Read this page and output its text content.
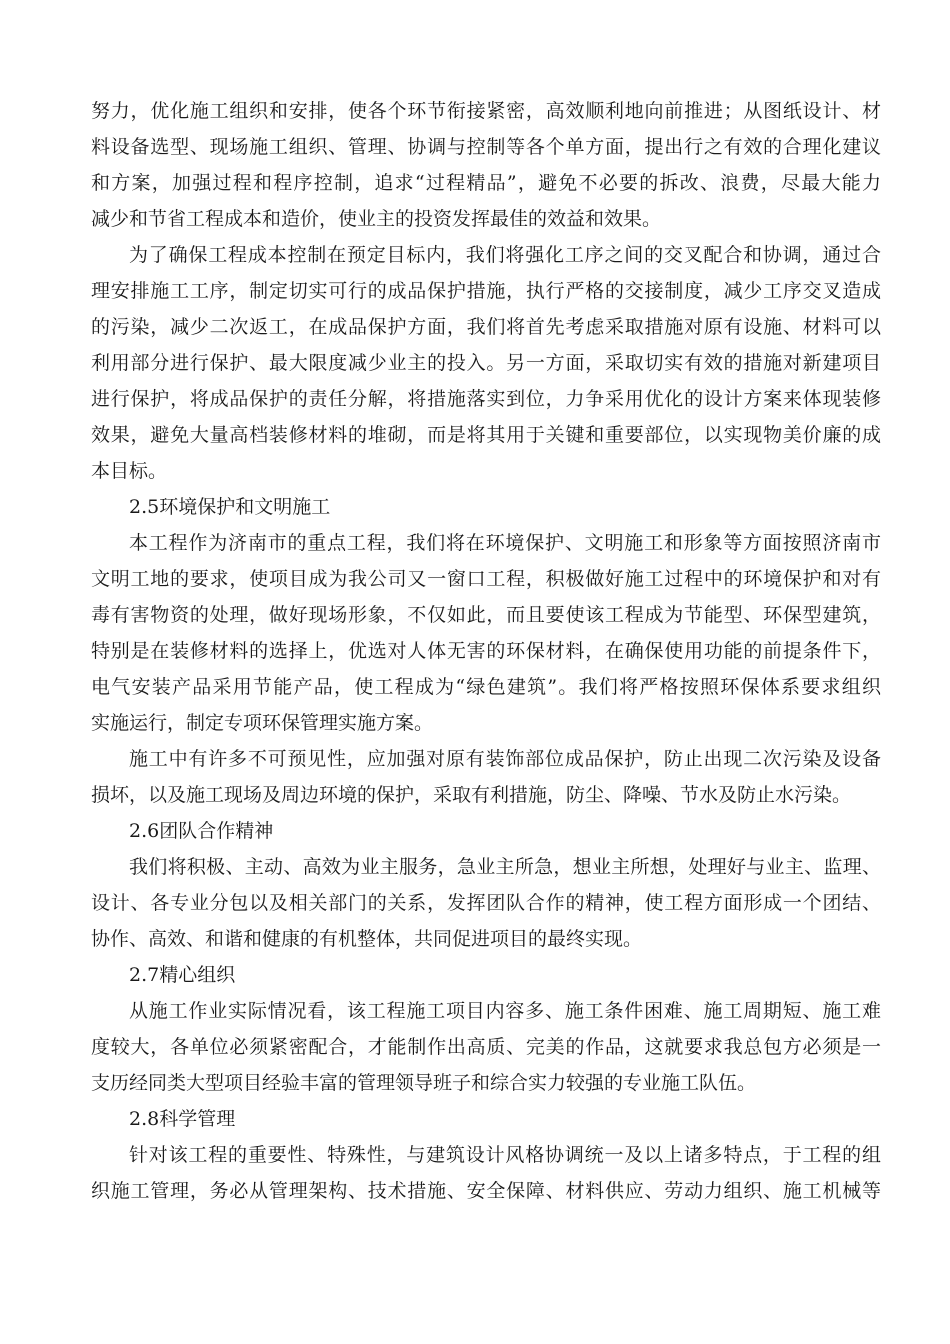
努力，优化施工组织和安排，使各个环节衔接紧密，高效顺利地向前推进；从图纸设计、材
料设备选型、现场施工组织、管理、协调与控制等各个单方面，提出行之有效的合理化建议
和方案，加强过程和程序控制，追求“过程精品”，避免不必要的拆改、浪费，尽最大能力
减少和节省工程成本和造价，使业主的投资发挥最佳的效益和效果。
为了确保工程成本控制在预定目标内，我们将强化工序之间的交叉配合和协调，通过合
理安排施工工序，制定切实可行的成品保护措施，执行严格的交接制度，减少工序交叉造成
的污染，减少二次返工，在成品保护方面，我们将首先考虑采取措施对原有设施、材料可以
利用部分进行保护、最大限度减少业主的投入。另一方面，采取切实有效的措施对新建项目
进行保护，将成品保护的责任分解，将措施落实到位，力争采用优化的设计方案来体现装修
效果，避免大量高档装修材料的堆砌，而是将其用于关键和重要部位，以实现物美价廉的成
本目标。
2.5环境保护和文明施工
本工程作为济南市的重点工程，我们将在环境保护、文明施工和形象等方面按照济南市
文明工地的要求，使项目成为我公司又一窗口工程，积极做好施工过程中的环境保护和对有
毒有害物资的处理，做好现场形象，不仅如此，而且要使该工程成为节能型、环保型建筑，
特别是在装修材料的选择上，优选对人体无害的环保材料，在确保使用功能的前提条件下，
电气安装产品采用节能产品，使工程成为“绿色建筑”。我们将严格按照环保体系要求组织
实施运行，制定专项环保管理实施方案。
施工中有许多不可预见性，应加强对原有装饰部位成品保护，防止出现二次污染及设备
损坏，以及施工现场及周边环境的保护，采取有利措施，防尘、降噪、节水及防止水污染。
2.6团队合作精神
我们将积极、主动、高效为业主服务，急业主所急，想业主所想，处理好与业主、监理、
设计、各专业分包以及相关部门的关系，发挥团队合作的精神，使工程方面形成一个团结、
协作、高效、和谐和健康的有机整体，共同促进项目的最终实现。
2.7精心组织
从施工作业实际情况看，该工程施工项目内容多、施工条件困难、施工周期短、施工难
度较大，各单位必须紧密配合，才能制作出高质、完美的作品，这就要求我总包方必须是一
支历经同类大型项目经验丰富的管理领导班子和综合实力较强的专业施工队伍。
2.8科学管理
针对该工程的重要性、特殊性，与建筑设计风格协调统一及以上诸多特点，于工程的组
织施工管理，务必从管理架构、技术措施、安全保障、材料供应、劳动力组织、施工机械等
